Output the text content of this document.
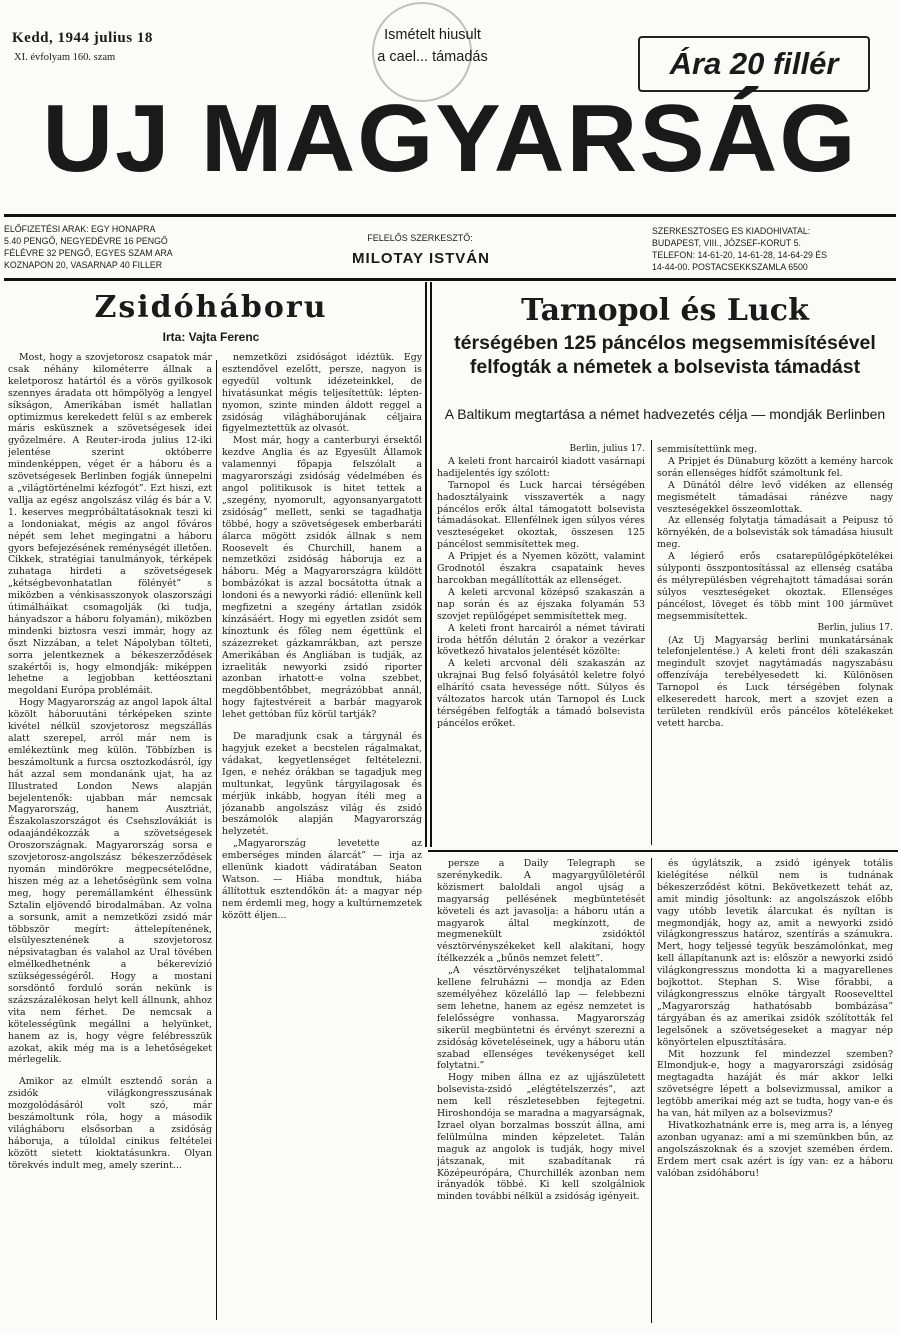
Kedd, 1944 julius 18
XI. évfolyam 160. szam
Ismételt hiusult
a cael... támadás	Ára 20 fillér
UJ MAGYARSÁG
ELŐFIZETÉSI ARAK: EGY HONAPRA
5.40 PENGŐ, NEGYEDÉVRE 16 PENGŐ
FÉLÉVRE 32 PENGŐ, EGYES SZAM ARA
KOZNAPON 20, VASARNAP 40 FILLER
FELELŐS SZERKESZTŐ:
MILOTAY ISTVÁN
SZERKESZTOSEG ES KIADOHIVATAL:
BUDAPEST, VIII., JÓZSEF-KORUT 5.
TELEFON: 14-61-20, 14-61-28, 14-64-29 ÉS
14-44-00. POSTACSEKKSZAMLA 6500
Zsidóháboru
Irta: Vajta Ferenc

Most, hogy a szovjetorosz csapatok már csak néhány kilométerre állnak a keletporosz határtól és a vörös gyilkosok szennyes áradata ott hömpölyög a lengyel síkságon, Amerikában ismét hallatlan optimizmus kerekedett felül s az emberek máris esküsznek a szövetségesek idei győzelmére. A Reuter-iroda julius 12-iki jelentése szerint októberre mindenképpen, véget ér a háboru és a szövetségesek Berlinben fogják ünnepelni a „világtörténelmi kézfogót”. Ezt hiszi, ezt vallja az egész angolszász világ és bár a V. 1. keserves megpróbáltatásoknak teszi ki a londoniakat, mégis az angol főváros népét sem lehet megingatni a háboru gyors befejezésének reménységét illetően. Cikkek, stratégiai tanulmányok, térképek zuhataga hirdeti a szövetségesek „kétségbevonhatatlan fölényét” s miközben a vénkisasszonyok olaszországi útimálháikat csomagolják (ki tudja, hányadszor a háboru folyamán), miközben mindenki biztosra veszi immár, hogy az őszt Nizzában, a telet Nápolyban tölteti, sorra jelentkeznek a békeszerződések szakértői is, hogy elmondják: miképpen lehetne a legjobban kettéosztani megoldani Európa problémáit.

Hogy Magyarország az angol lapok által közölt háboruutáni térképeken szinte kivétel nélkül szovjetorosz megszállás alatt szerepel, arról már nem is emlékeztünk meg külön. Többízben is beszámoltunk a furcsa osztozkodásról, így hát azzal sem mondanánk ujat, ha az Illustrated London News alapján bejelentenők: ujabban már nemcsak Magyarország, hanem Ausztriát, Északolaszországot és Csehszlovákiát is odaajándékozzák a szövetségesek Oroszországnak. Magyarország sorsa e szovjetorosz-angolszász békeszerződések nyomán mindörökre megpecsételődne, hiszen még az a lehetőségünk sem volna meg, hogy peremállamként élhessünk Sztalin eljövendő birodalmában. Az volna a sorsunk, amit a nemzetközi zsidó már többször megírt: áttelepítenének, elsülyesztenének a szovjetorosz népsivatagban és valahol az Ural tövében elmélkedhetnénk a békerevízió szükségességéről. Hogy a mostani sorsdöntő forduló során nekünk is százszázalékosan helyt kell állnunk, ahhoz vita nem férhet. De nemcsak a kötelességünk megállni a helyünket, hanem az is, hogy végre felébresszük azokat, akik még ma is a lehetőségeket mérlegelik.

Amikor az elmúlt esztendő során a zsidók világkongresszusának mozgolódásáról volt szó, már beszámoltunk róla, hogy a második világháboru elsősorban a zsidóság háboruja, a túloldal cinikus feltételei között sietett kioktatásunkra. Olyan törekvés indult meg, amely szerint...

nemzetközi zsidóságot idéztük. Egy esztendővel ezelőtt, persze, nagyon is egyedül voltunk idézeteinkkel, de hivatásunkat mégis teljesítettük: lépten-nyomon, szinte minden áldott reggel a zsidóság világháborujának céljaira figyelmeztettük az olvasót.

Most már, hogy a canterburyi érsektől kezdve Anglia és az Egyesült Államok valamennyi főpapja felszólalt a magyarországi zsidóság védelmében és angol politikusok is hitet tettek a „szegény, nyomorult, agyonsanyargatott zsidóság” mellett, senki se tagadhatja többé, hogy a szövetségesek emberbaráti álarca mögött zsidók állnak s nem Roosevelt és Churchill, hanem a nemzetközi zsidóság háboruja ez a háboru. Még a Magyarországra küldött bombázókat is azzal bocsátotta útnak a londoni és a newyorki rádió: ellenünk kell megfizetni a szegény ártatlan zsidók kínzásáért. Hogy mi egyetlen zsidót sem kínoztunk és főleg nem égettünk el százezreket gázkamrákban, azt persze Amerikában és Angliában is tudják, az izraeliták newyorki zsidó riporter azonban irhatott-e volna szebbet, megdöbbentőbbet, megrázóbbat annál, hogy fajtestvéreit a barbár magyarok lehet gettóban fűz körül tartják?

De maradjunk csak a tárgynál és hagyjuk ezeket a becstelen rágalmakat, vádakat, kegyetlenséget feltételezni. Igen, e nehéz órákban se tagadjuk meg multunkat, legyünk tárgyilagosak és mérjük inkább, hogyan ítéli meg a józanabb angolszász világ és zsidó beszámolók alapján Magyarország helyzetét.

„Magyarország levetette az emberséges minden álarcát” — irja az ellenünk kiadott vádiratában Seaton Watson. — Hiába mondtuk, hiába állítottuk esztendőkön át: a magyar nép nem érdemli meg, hogy a kultúrnemzetek között éljen...

Tarnopol és Luck
térségében 125 páncélos megsemmisítésével felfogták a németek a bolsevista támadást
A Baltikum megtartása a német hadvezetés célja — mondják Berlinben

Berlin, julius 17.

A keleti front harcairól kiadott vasárnapi hadijelentés így szólott:

Tarnopol és Luck harcai térségében hadosztályaink visszaverték a nagy páncélos erők által támogatott bolsevista támadásokat. Ellenfélnek igen súlyos véres veszteségeket okoztak, összesen 125 páncélost semmisítettek meg.

A Pripjet és a Nyemen között, valamint Grodnotól északra csapataink heves harcokban megállították az ellenséget.

A keleti arcvonal középső szakaszán a nap során és az éjszaka folyamán 53 szovjet repülőgépet semmisítettek meg.

A keleti front harcairól a német távirati iroda hétfőn délután 2 órakor a vezérkar következő hivatalos jelentését közölte:

A keleti arcvonal déli szakaszán az ukrajnai Bug felső folyásától keletre folyó elhárító csata hevessége nőtt. Súlyos és változatos harcok után Tarnopol és Luck térségében felfogták a támadó bolsevista páncélos erőket.

semmisítettünk meg.

A Pripjet és Dünaburg között a kemény harcok során ellenséges hídfőt számoltunk fel.

A Dünától délre levő vidéken az ellenség megismételt támadásai ránézve nagy veszteségekkel összeomlottak.

Az ellenség folytatja támadásait a Peipusz tó környékén, de a bolsevisták sok támadása hiusult meg.

A légierő erős csatarepülőgépkötelékei súlyponti összpontosítással az ellenség csatába és mélyrepülésben végrehajtott támadásai során súlyos veszteségeket okoztak. Ellenséges páncélost, löveget és több mint 100 jármüvet megsemmisítettek.

Berlin, julius 17.

(Az Uj Magyarság berlini munkatársának telefonjelentése.) A keleti front déli szakaszán megindult szovjet nagytámadás nagyszabásu offenzívája terebélyesedett ki. Különösen Tarnopol és Luck térségében folynak elkeseredett harcok, mert a szovjet ezen a területen rendkívül erős páncélos kötelékeket vetett harcba.

persze a Daily Telegraph se szerénykedik. A magyargyűlöletéről közismert baloldali angol ujság a magyarság pellésének megbüntetését követeli és azt javasolja: a háboru után a magyarok által megkínzott, de megmenekült zsidóktól vésztörvényszékeket kell alakítani, hogy ítélkezzék a „bűnös nemzet felett”.

„A vésztörvényszéket teljhatalommal kellene felruházni — mondja az Eden személyéhez közelálló lap — felebbezni sem lehetne, hanem az egész nemzetet is felelősségre vonhassa. Magyarország sikerül megbüntetni és érvényt szerezni a zsidóság követeléseinek, ugy a háboru után szabad ellenséges tevékenységet kell folytatni.”

Hogy miben állna ez az ujjászületett bolsevista-zsidó „elégtételszerzés”, azt nem kell részletesebben fejtegetni. Hiroshondója se maradna a magyarságnak, Izrael olyan borzalmas bosszút állna, ami felülmúlna minden képzeletet. Talán maguk az angolok is tudják, hogy mivel játszanak, mit szabadítanak rá Középeurópára, Churchillék azonban nem irányadók többé. Ki kell szolgálniok minden további nélkül a zsidóság igényeit.

és úgylátszik, a zsidó igények totális kielégítése nélkül nem is tudnának békeszerződést kötni. Bekövetkezett tehát az, amit mindig jósoltunk: az angolszászok előbb vagy utóbb levetik álarcukat és nyíltan is megmondják, hogy az, amit a newyorki zsidó világkongresszus határoz, szentírás a számukra. Mert, hogy teljessé tegyük beszámolónkat, meg kell állapítanunk azt is: először a newyorki zsidó világkongresszus mondotta ki a magyarellenes bojkottot. Stephan S. Wise főrabbi, a világkongresszus elnöke tárgyalt Roosevelttel „Magyarország hathatósabb bombázása” tárgyában és az amerikai zsidók szólították fel legelsőnek a szövetségeseket a magyar nép könyörtelen elpusztítására.

Mit hozzunk fel mindezzel szemben? Elmondjuk-e, hogy a magyarországi zsidóság megtagadta hazáját és már akkor lelki szövetségre lépett a bolsevizmussal, amikor a legtöbb amerikai még azt se tudta, hogy van-e és ha van, hát milyen az a bolsevizmus?

Hivatkozhatnánk erre is, meg arra is, a lényeg azonban ugyanaz: ami a mi szemünkben bűn, az angolszászoknak és a szovjet szemében érdem. Erdem mert csak azért is így van: ez a háboru valóban zsidóháboru!
